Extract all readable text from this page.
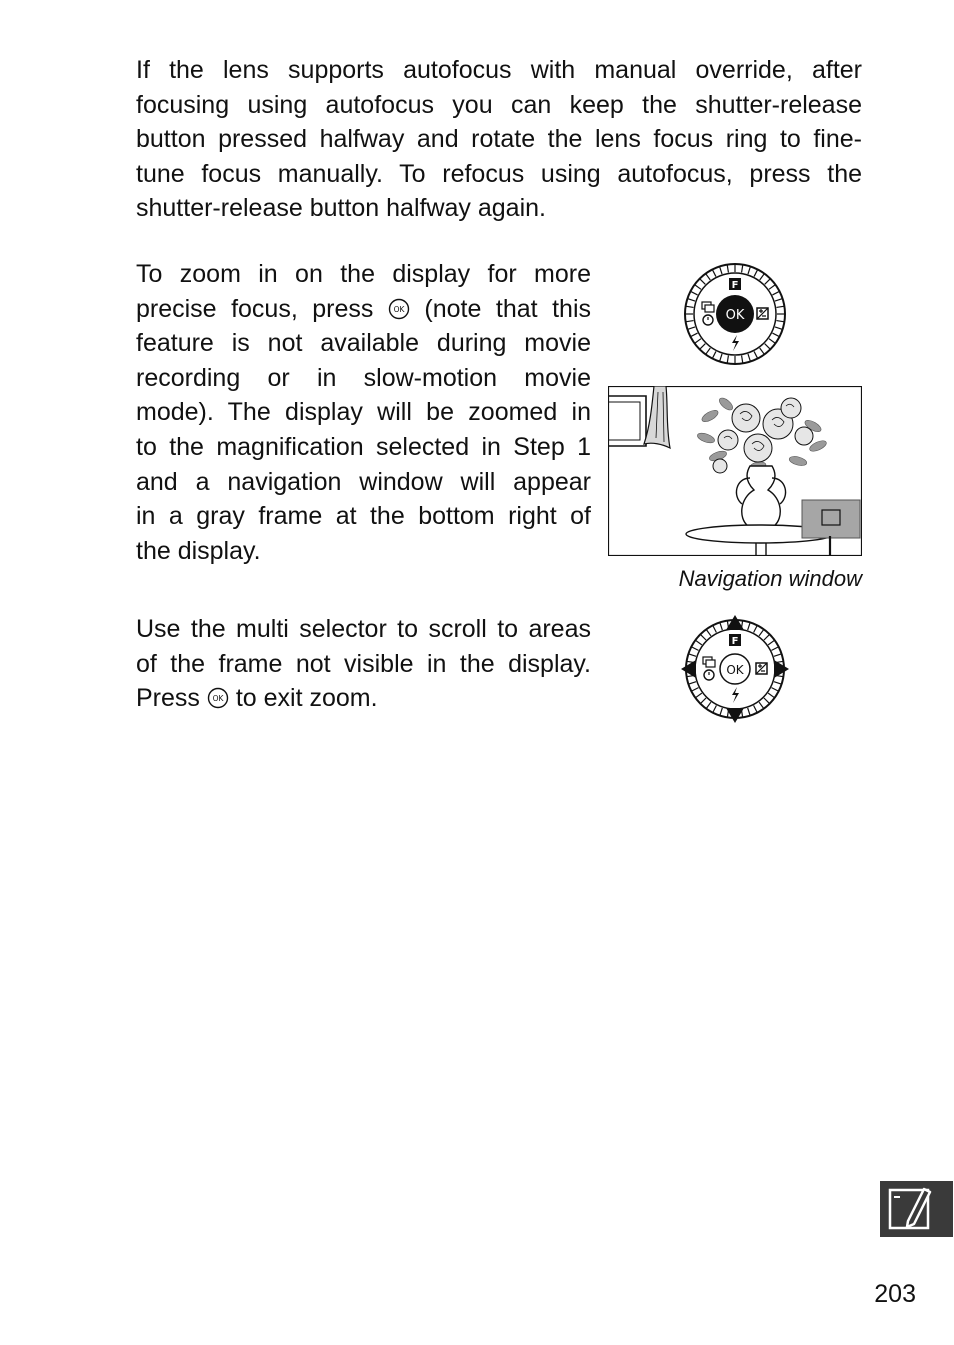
If the lens supports autofocus with manual override, after
focusing using autofocus you can keep the shutter-release
button pressed halfway and rotate the lens focus ring to fine-
tune focus manually. To refocus using autofocus, press the
shutter-release button halfway again.

To zoom in on the display for more
precise focus, press	OK (note that this
feature is not available during movie
recording or in slow-motion movie
mode). The display will be zoomed in
to the magnification selected in Step 1
and a navigation window will appear
in a gray frame at the bottom right of
the display.

Use the multi selector to scroll to areas
of the frame not visible in the display.
Press OK to exit zoom.

OK
F
Navigation window
OK
F
203
